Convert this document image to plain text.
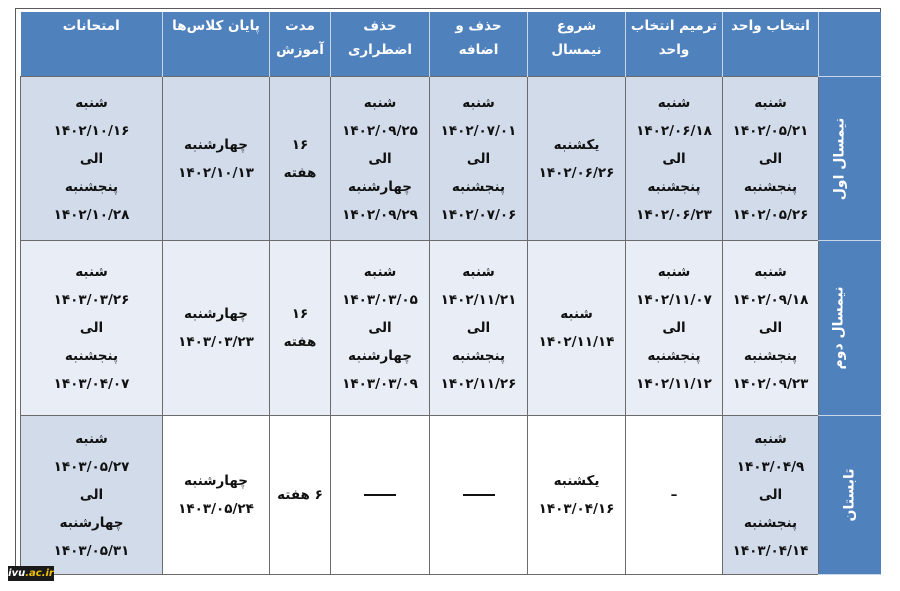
	انتخاب واحد	ترمیم انتخاب
واحد	شروع
نیمسال	حذف و اضافه	حذف
اضطراری	مدت
آموزش	پایان کلاس‌ها	امتحانات
نیمسال اول	شنبه
۱۴۰۲/۰۵/۲۱
الی
پنجشنبه
۱۴۰۲/۰۵/۲۶	شنبه
۱۴۰۲/۰۶/۱۸
الی
پنجشنبه
۱۴۰۲/۰۶/۲۳	یکشنبه
۱۴۰۲/۰۶/۲۶	شنبه
۱۴۰۲/۰۷/۰۱
الی
پنجشنبه
۱۴۰۲/۰۷/۰۶	شنبه
۱۴۰۲/۰۹/۲۵
الی
چهارشنبه
۱۴۰۲/۰۹/۲۹	۱۶
هفته	چهارشنبه
۱۴۰۲/۱۰/۱۳	شنبه
۱۴۰۲/۱۰/۱۶
الی
پنجشنبه
۱۴۰۲/۱۰/۲۸
نیمسال دوم	شنبه
۱۴۰۲/۰۹/۱۸
الی
پنجشنبه
۱۴۰۲/۰۹/۲۳	شنبه
۱۴۰۲/۱۱/۰۷
الی
پنجشنبه
۱۴۰۲/۱۱/۱۲	شنبه
۱۴۰۲/۱۱/۱۴	شنبه
۱۴۰۲/۱۱/۲۱
الی
پنجشنبه
۱۴۰۲/۱۱/۲۶	شنبه
۱۴۰۳/۰۳/۰۵
الی
چهارشنبه
۱۴۰۳/۰۳/۰۹	۱۶
هفته	چهارشنبه
۱۴۰۳/۰۳/۲۳	شنبه
۱۴۰۳/۰۳/۲۶
الی
پنجشنبه
۱۴۰۳/۰۴/۰۷
تابستان	شنبه
۱۴۰۳/۰۴/۹
الی
پنجشنبه
۱۴۰۳/۰۴/۱۴	–	یکشنبه
۱۴۰۳/۰۴/۱۶			۶ هفته	چهارشنبه
۱۴۰۳/۰۵/۲۴	شنبه
۱۴۰۳/۰۵/۲۷
الی
چهارشنبه
۱۴۰۳/۰۵/۳۱
ivu.ac.ir
